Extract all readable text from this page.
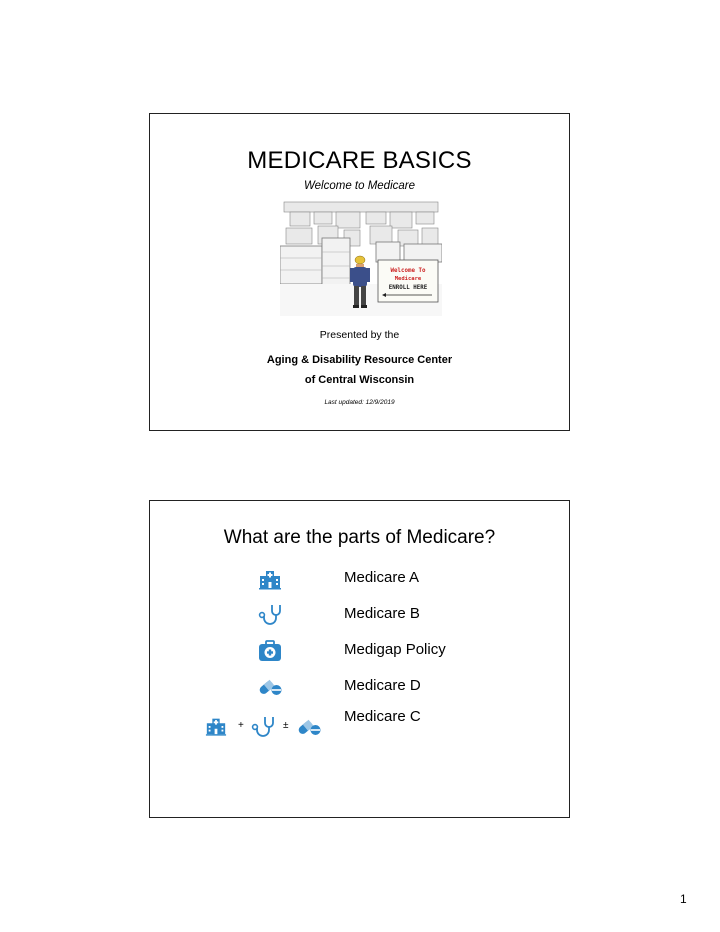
MEDICARE BASICS
Welcome to Medicare
Welcome To
Medicare
ENROLL HERE
Presented by the
Aging & Disability Resource Center
of Central Wisconsin
Last updated: 12/9/2019
What are the parts of Medicare?
Medicare A
Medicare B
Medigap Policy
Medicare D
+	±
Medicare C
1
